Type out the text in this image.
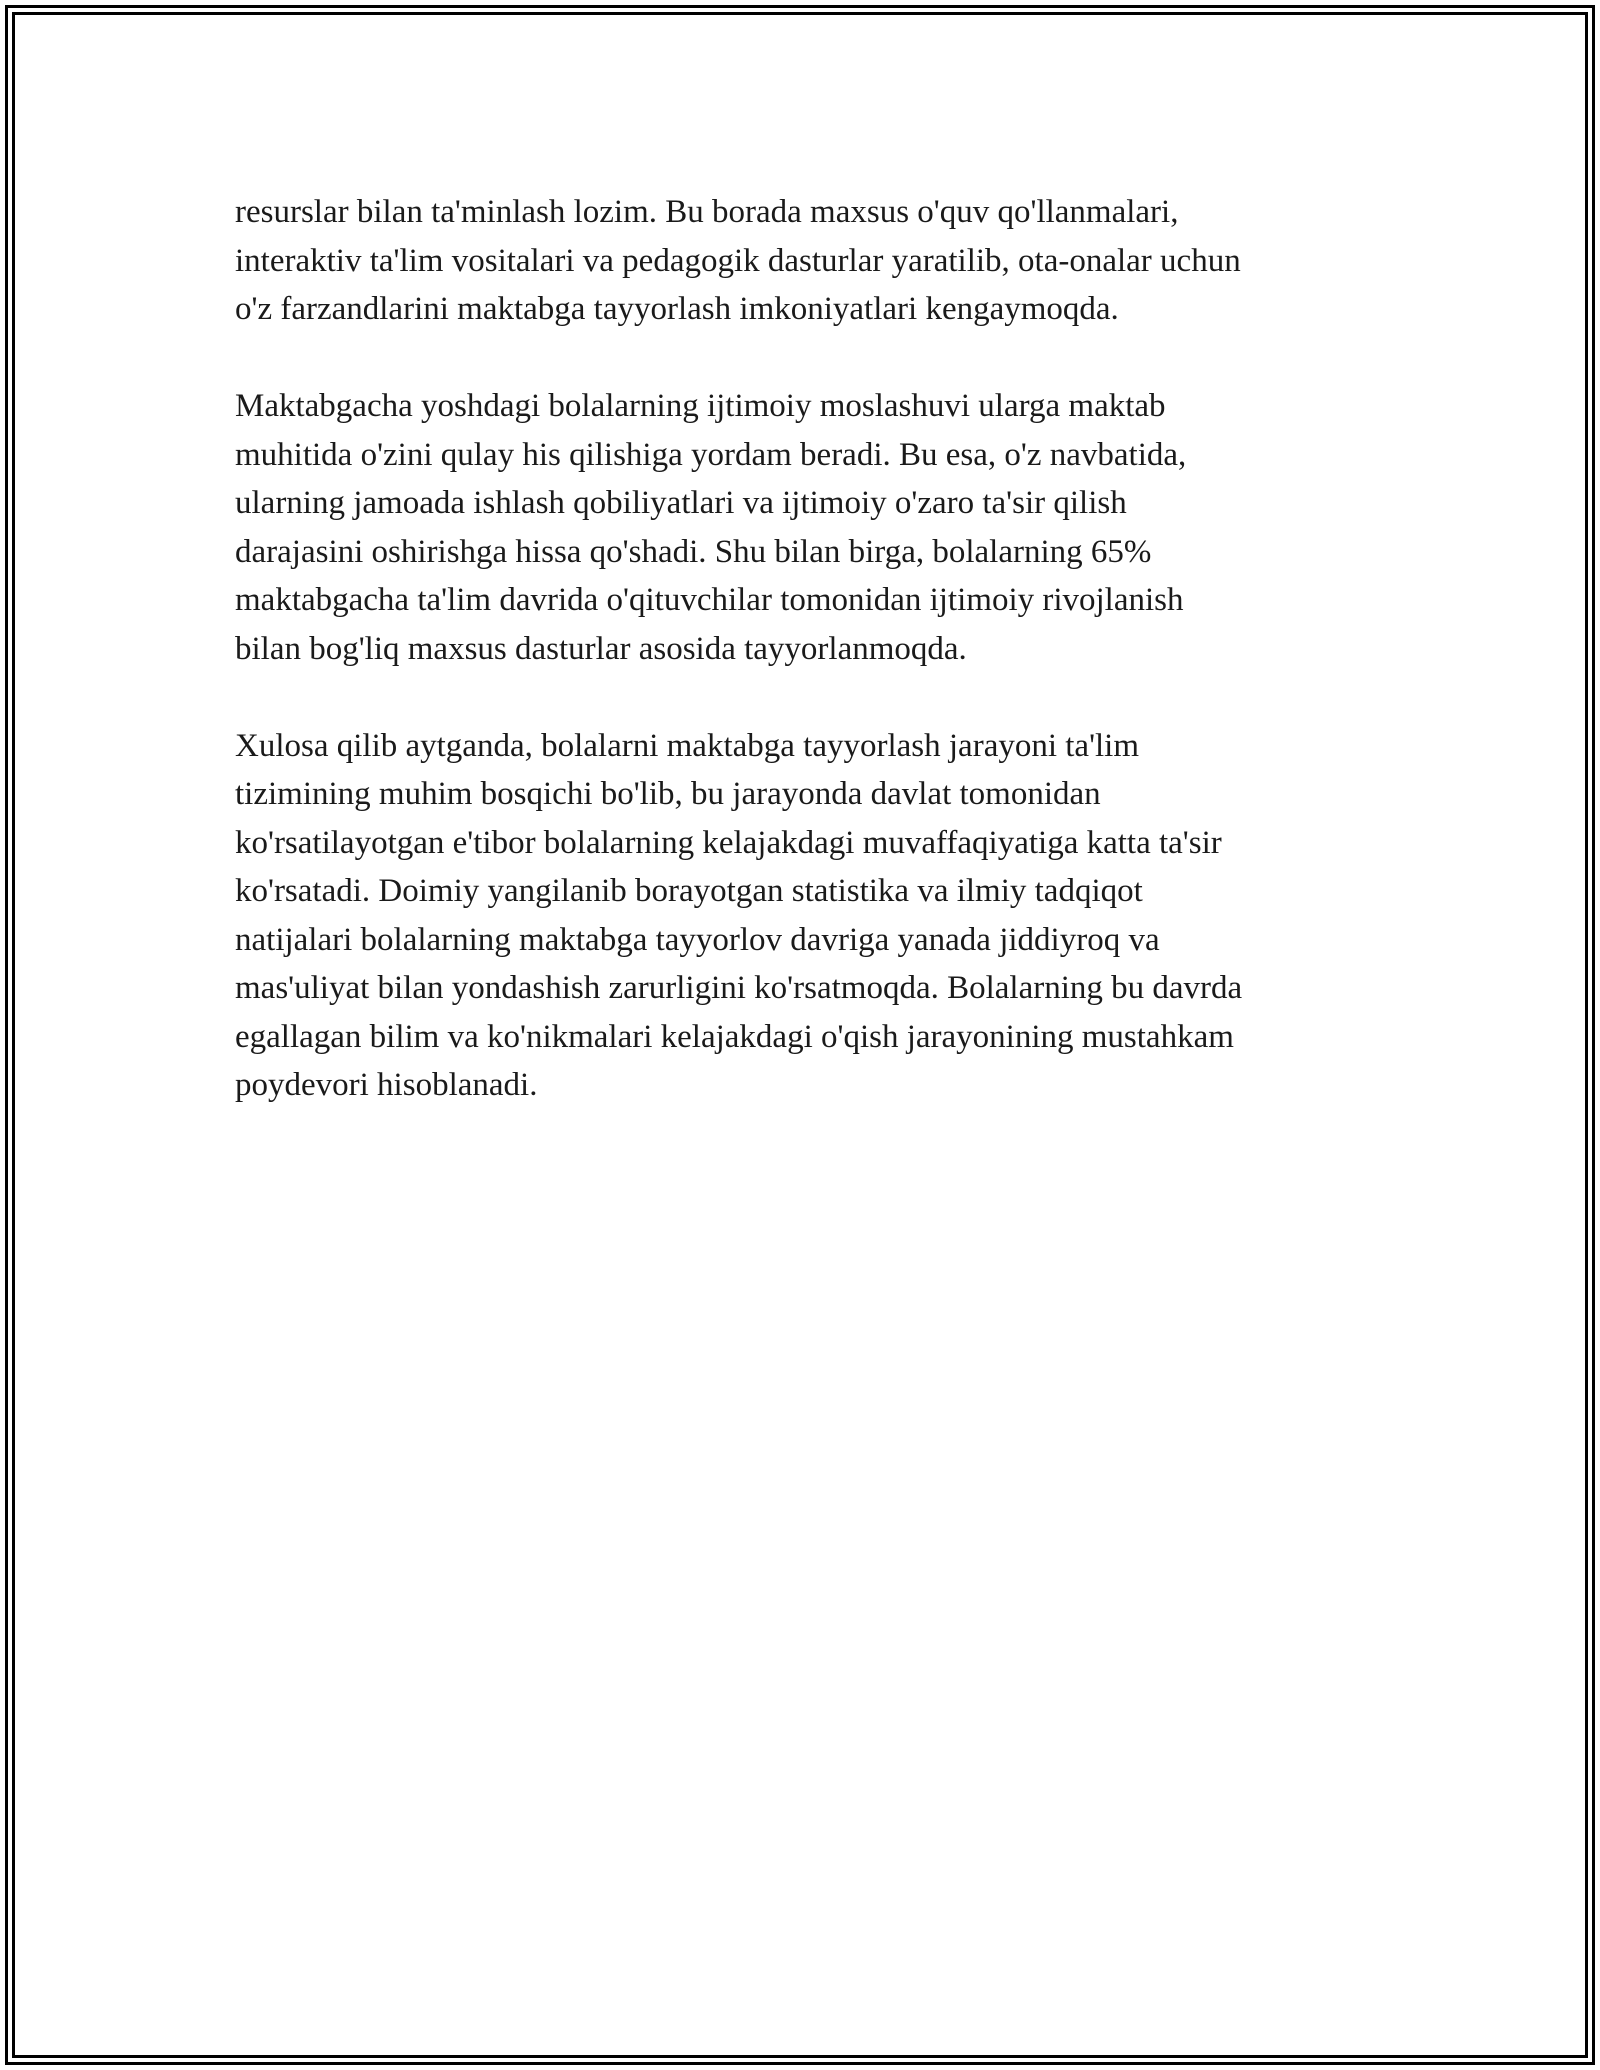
resurslar bilan ta'minlash lozim. Bu borada maxsus o'quv qo'llanmalari,
interaktiv ta'lim vositalari va pedagogik dasturlar yaratilib, ota-onalar uchun
o'z farzandlarini maktabga tayyorlash imkoniyatlari kengaymoqda.

Maktabgacha yoshdagi bolalarning ijtimoiy moslashuvi ularga maktab
muhitida o'zini qulay his qilishiga yordam beradi. Bu esa, o'z navbatida,
ularning jamoada ishlash qobiliyatlari va ijtimoiy o'zaro ta'sir qilish
darajasini oshirishga hissa qo'shadi. Shu bilan birga, bolalarning 65%
maktabgacha ta'lim davrida o'qituvchilar tomonidan ijtimoiy rivojlanish
bilan bog'liq maxsus dasturlar asosida tayyorlanmoqda.

Xulosa qilib aytganda, bolalarni maktabga tayyorlash jarayoni ta'lim
tizimining muhim bosqichi bo'lib, bu jarayonda davlat tomonidan
ko'rsatilayotgan e'tibor bolalarning kelajakdagi muvaffaqiyatiga katta ta'sir
ko'rsatadi. Doimiy yangilanib borayotgan statistika va ilmiy tadqiqot
natijalari bolalarning maktabga tayyorlov davriga yanada jiddiyroq va
mas'uliyat bilan yondashish zarurligini ko'rsatmoqda. Bolalarning bu davrda
egallagan bilim va ko'nikmalari kelajakdagi o'qish jarayonining mustahkam
poydevori hisoblanadi.
